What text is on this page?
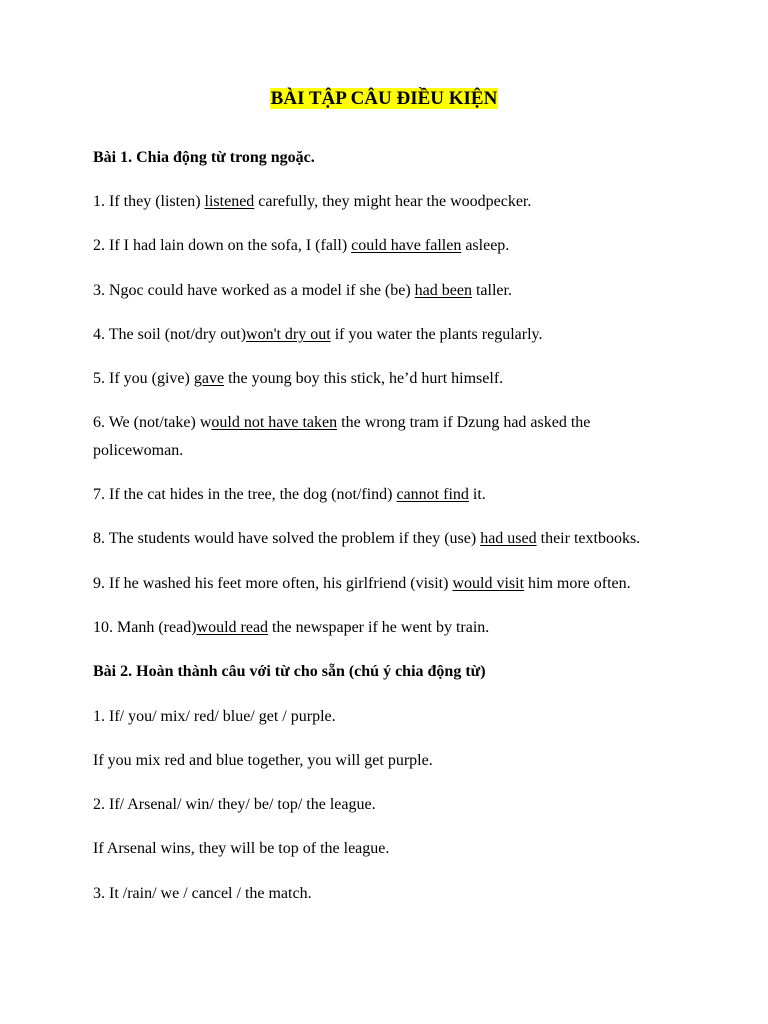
BÀI TẬP CÂU ĐIỀU KIỆN
Bài 1. Chia động từ trong ngoặc.
1. If they (listen) listened carefully, they might hear the woodpecker.
2. If I had lain down on the sofa, I (fall) could have fallen asleep.
3. Ngoc could have worked as a model if she (be) had been taller.
4. The soil (not/dry out)won't dry out if you water the plants regularly.
5. If you (give) gave the young boy this stick, he’d hurt himself.
6. We (not/take) would not have taken the wrong tram if Dzung had asked the policewoman.
7. If the cat hides in the tree, the dog (not/find) cannot find it.
8. The students would have solved the problem if they (use) had used their textbooks.
9. If he washed his feet more often, his girlfriend (visit) would visit him more often.
10. Manh (read)would read the newspaper if he went by train.
Bài 2. Hoàn thành câu với từ cho sẵn (chú ý chia động từ)
1. If/ you/ mix/ red/ blue/ get / purple.
If you mix red and blue together, you will get purple.
2. If/ Arsenal/ win/ they/ be/ top/ the league.
If Arsenal wins, they will be top of the league.
3. It /rain/ we / cancel / the match.
